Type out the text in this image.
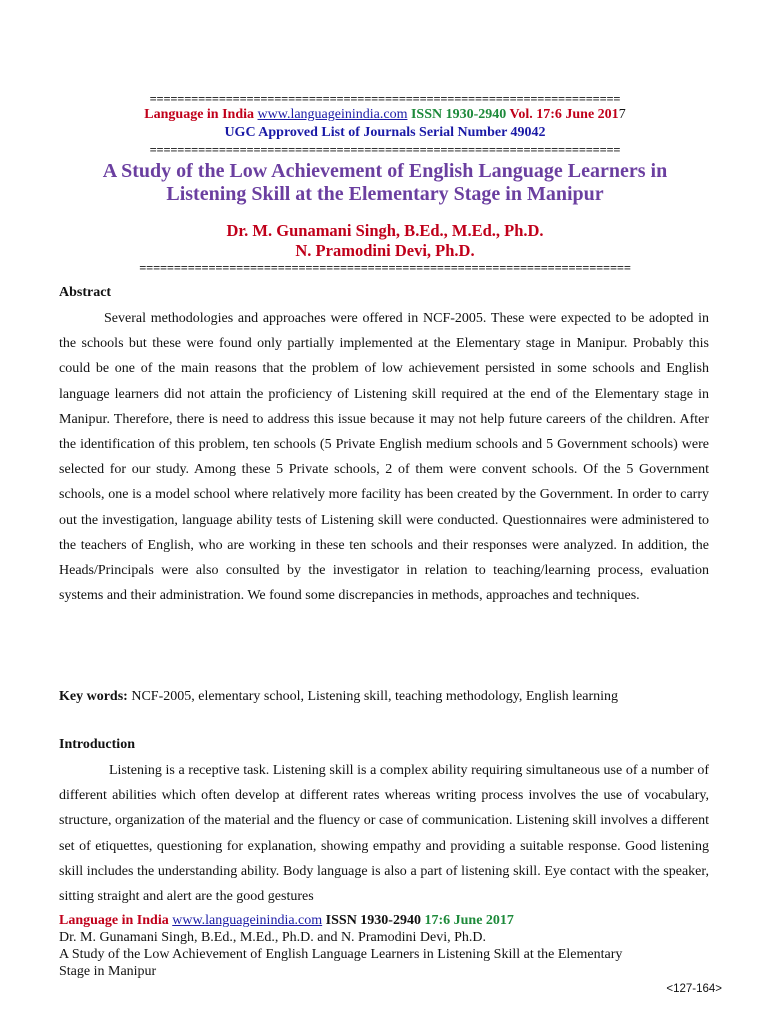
====================================================================
Language in India www.languageinindia.com ISSN 1930-2940 Vol. 17:6 June 2017
UGC Approved List of Journals Serial Number 49042
====================================================================
A Study of the Low Achievement of English Language Learners in
Listening Skill at the Elementary Stage in Manipur
Dr. M. Gunamani Singh, B.Ed., M.Ed., Ph.D.
N. Pramodini Devi, Ph.D.
=======================================================================
Abstract

Several methodologies and approaches were offered in NCF-2005. These were expected to be adopted in the schools but these were found only partially implemented at the Elementary stage in Manipur. Probably this could be one of the main reasons that the problem of low achievement persisted in some schools and English language learners did not attain the proficiency of Listening skill required at the end of the Elementary stage in Manipur. Therefore, there is need to address this issue because it may not help future careers of the children. After the identification of this problem, ten schools (5 Private English medium schools and 5 Government schools) were selected for our study. Among these 5 Private schools, 2 of them were convent schools. Of the 5 Government schools, one is a model school where relatively more facility has been created by the Government. In order to carry out the investigation, language ability tests of Listening skill were conducted. Questionnaires were administered to the teachers of English, who are working in these ten schools and their responses were analyzed. In addition, the Heads/Principals were also consulted by the investigator in relation to teaching/learning process, evaluation systems and their administration. We found some discrepancies in methods, approaches and techniques.

Key words: NCF-2005, elementary school, Listening skill, teaching methodology, English learning
Introduction

Listening is a receptive task. Listening skill is a complex ability requiring simultaneous use of a number of different abilities which often develop at different rates whereas writing process involves the use of vocabulary, structure, organization of the material and the fluency or case of communication. Listening skill involves a different set of etiquettes, questioning for explanation, showing empathy and providing a suitable response. Good listening skill includes the understanding ability. Body language is also a part of listening skill. Eye contact with the speaker, sitting straight and alert are the good gestures

Language in India www.languageinindia.com ISSN 1930-2940 17:6 June 2017
Dr. M. Gunamani Singh, B.Ed., M.Ed., Ph.D. and N. Pramodini Devi, Ph.D.
A Study of the Low Achievement of English Language Learners in Listening Skill at the Elementary
Stage in Manipur
<127-164>
